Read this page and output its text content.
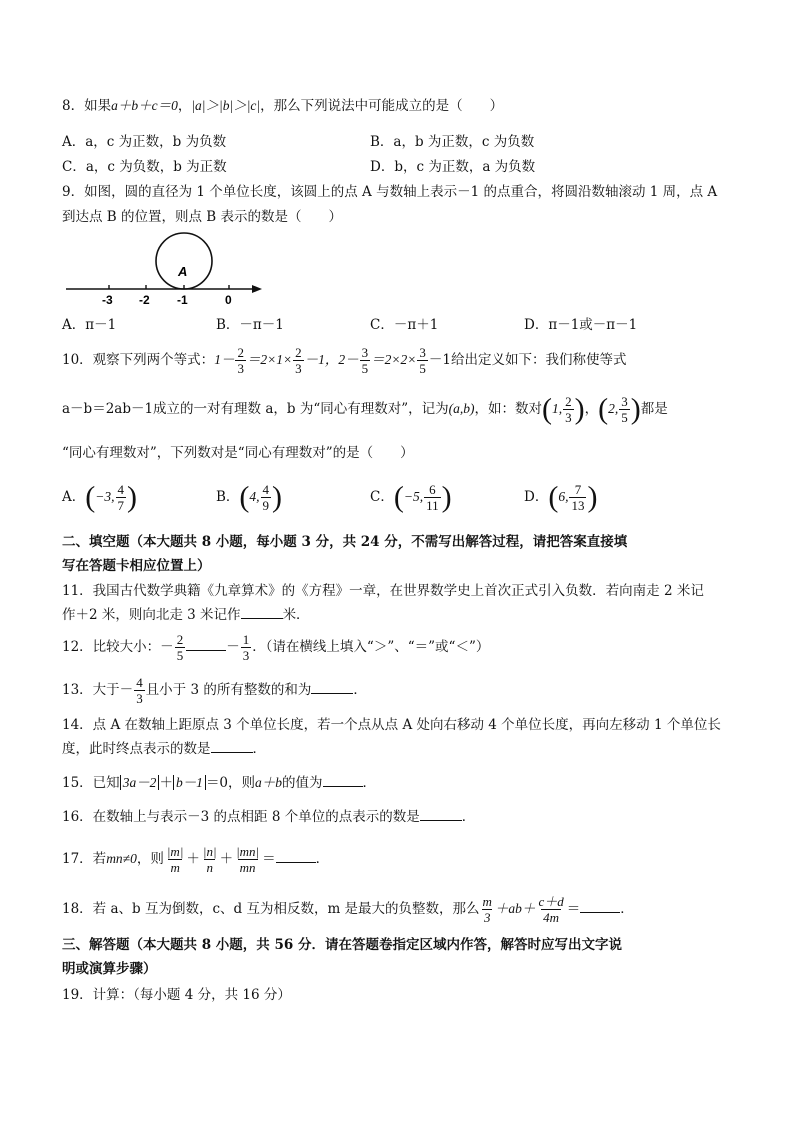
8．如果a＋b＋c＝0，|a|＞|b|＞|c|，那么下列说法中可能成立的是（　　）
A．a，c 为正数，b 为负数	B．a，b 为正数，c 为负数
C．a，c 为负数，b 为正数	D．b，c 为正数，a 为负数
9．如图，圆的直径为 1 个单位长度，该圆上的点 A 与数轴上表示－1 的点重合，将圆沿数轴滚动 1 周，点 A
到达点 B 的位置，则点 B 表示的数是（　　）
A
-3 -2 -1	0
A．π－1	B．－π－1	C．－π＋1	D．π－1或－π－1
10．观察下列两个等式：$1- \frac{2}{3} =2\times 1\times \frac{2}{3} -1$，$2- \frac{3}{5} =2\times 2\times \frac{3}{5} -1$给出定义如下：我们称使等式
a－b＝2ab－1成立的一对有理数 a，b 为“同心有理数对”，记为(a,b)，如：数对(1, $\frac{2}{3}$ )，(2, $\frac{3}{5}$ )都是
“同心有理数对”，下列数对是“同心有理数对”的是（　　）
A．(−3, $\frac{4}{7}$ )	B．(4, $\frac{4}{9}$ )	C．(−5, $\frac{6}{11}$ )	D．(6, $\frac{7}{13}$ )
二、填空题（本大题共 8 小题，每小题 3 分，共 24 分，不需写出解答过程，请把答案直接填
写在答题卡相应位置上）
11．我国古代数学典籍《九章算术》的《方程》一章，在世界数学史上首次正式引入负数．若向南走 2 米记
作＋2 米，则向北走 3 米记作	米．
12．比较大小：－ $\frac{2}{5}$	－ $\frac{1}{3}$ ．（请在横线上填入“＞”、“＝”或“＜”）
13．大于－ $\frac{4}{3}$ 且小于 3 的所有整数的和为	．
14．点 A 在数轴上距原点 3 个单位长度，若一个点从点 A 处向右移动 4 个单位长度，再向左移动 1 个单位长
度，此时终点表示的数是	．
15．已知 3a－2 ＋ b－1 ＝0，则a＋b的值为	．
16．在数轴上与表示－3 的点相距 8 个单位的点表示的数是	．
17．若mn≠0，则 $\frac{|m|}{m} + \frac{|n|}{n} + \frac{|mn|}{mn}$ ＝	．
18．若 a、b 互为倒数，c、d 互为相反数，m 是最大的负整数，那么 $\frac{m}{3} +ab+ \frac{c+d}{4m}$ ＝	．
三、解答题（本大题共 8 小题，共 56 分．请在答题卷指定区域内作答，解答时应写出文字说
明或演算步骤）
19．计算：（每小题 4 分，共 16 分）
